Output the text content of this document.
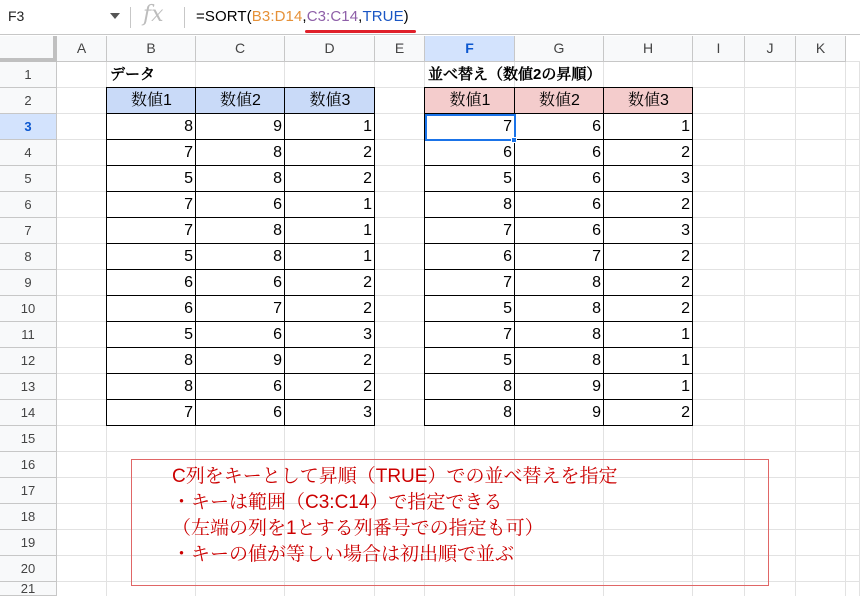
F3	fx =SORT(B3:D14,C3:C14,TRUE)
A	B	C	D	E	F	G	H	I	J	K
1
2
3
4
5
6
7
8
9
10
11
12
13
14
15
16
17
18
19
20
21
データ
数値1	数値2	数値3
8	9	1
7	8	2
5	8	2
7	6	1
7	8	1
5	8	1
6	6	2
6	7	2
5	6	3
8	9	2
8	6	2
7	6	3
並べ替え（数値2の昇順）
数値1	数値2	数値3
7	6	1
6	6	2
5	6	3
8	6	2
7	6	3
6	7	2
7	8	2
5	8	2
7	8	1
5	8	1
8	9	1
8	9	2
C列をキーとして昇順（TRUE）での並べ替えを指定
・キーは範囲（C3:C14）で指定できる
（左端の列を1とする列番号での指定も可）
・キーの値が等しい場合は初出順で並ぶ
